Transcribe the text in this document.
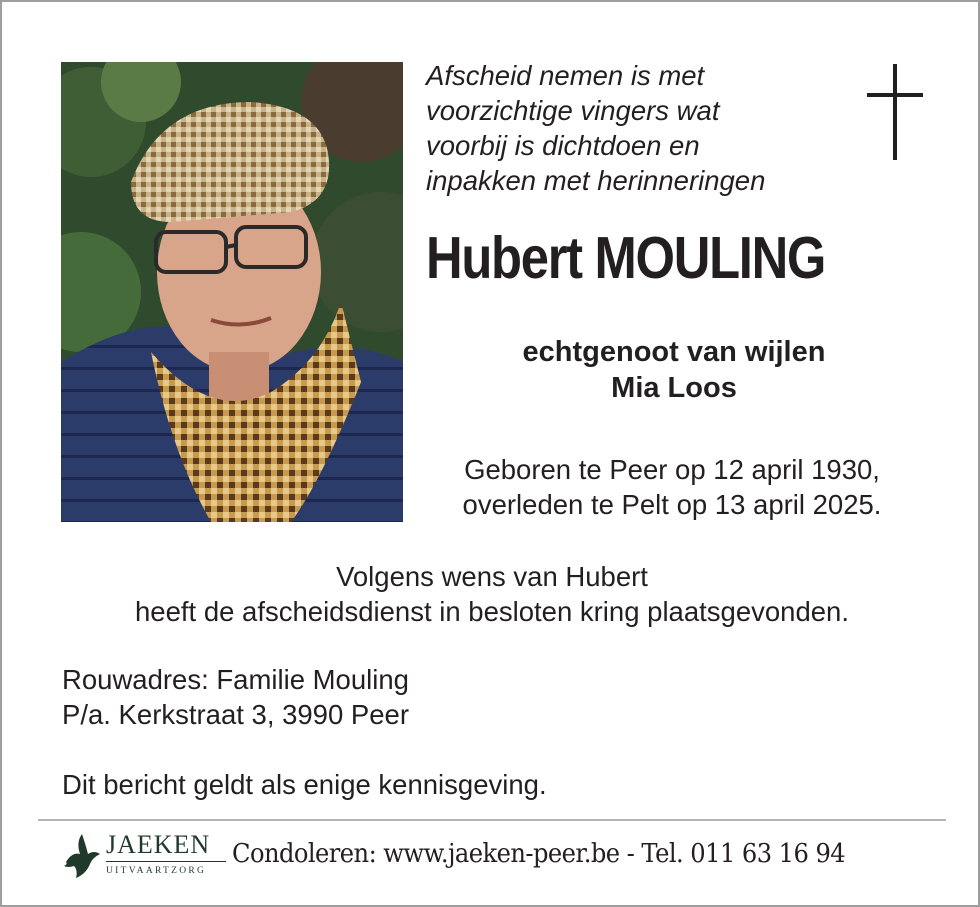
Afscheid nemen is met
voorzichtige vingers wat
voorbij is dichtdoen en
inpakken met herinneringen
Hubert MOULING
echtgenoot van wijlen
Mia Loos
Geboren te Peer op 12 april 1930,
overleden te Pelt op 13 april 2025.
Volgens wens van Hubert
heeft de afscheidsdienst in besloten kring plaatsgevonden.
Rouwadres: Familie Mouling
P/a. Kerkstraat 3, 3990 Peer
Dit bericht geldt als enige kennisgeving.
JAEKEN
UITVAARTZORG
Condoleren: www.jaeken-peer.be - Tel. 011 63 16 94
